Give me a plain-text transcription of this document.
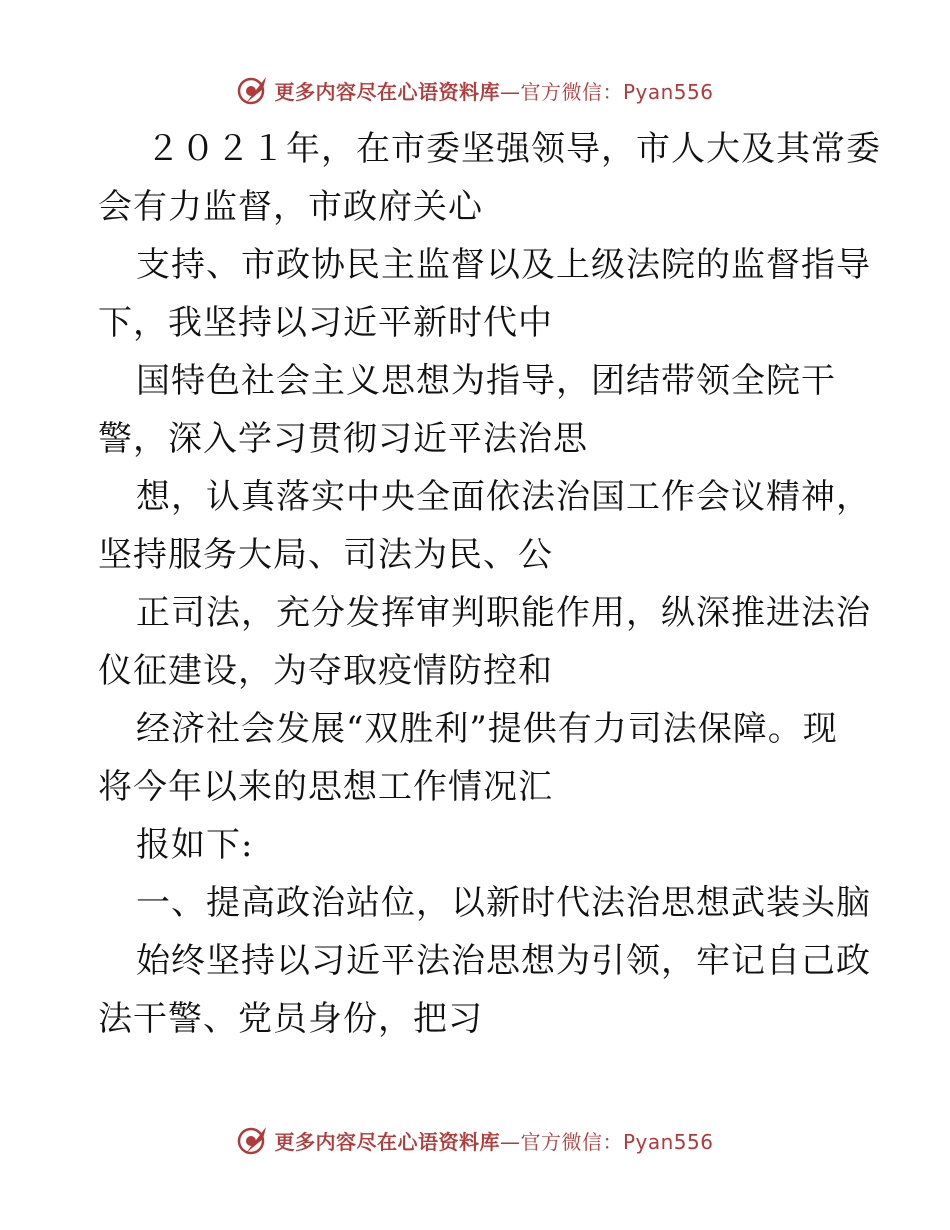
更多内容尽在心语资料库—官方微信：Pyan556
２０２１年，在市委坚强领导，市人大及其常委
会有力监督，市政府关心
支持、市政协民主监督以及上级法院的监督指导
下，我坚持以习近平新时代中
国特色社会主义思想为指导，团结带领全院干
警，深入学习贯彻习近平法治思
想，认真落实中央全面依法治国工作会议精神，
坚持服务大局、司法为民、公
正司法，充分发挥审判职能作用，纵深推进法治
仪征建设，为夺取疫情防控和
经济社会发展“双胜利”提供有力司法保障。现
将今年以来的思想工作情况汇
报如下:
一、提高政治站位，以新时代法治思想武装头脑
始终坚持以习近平法治思想为引领，牢记自己政
法干警、党员身份，把习
更多内容尽在心语资料库—官方微信：Pyan556
